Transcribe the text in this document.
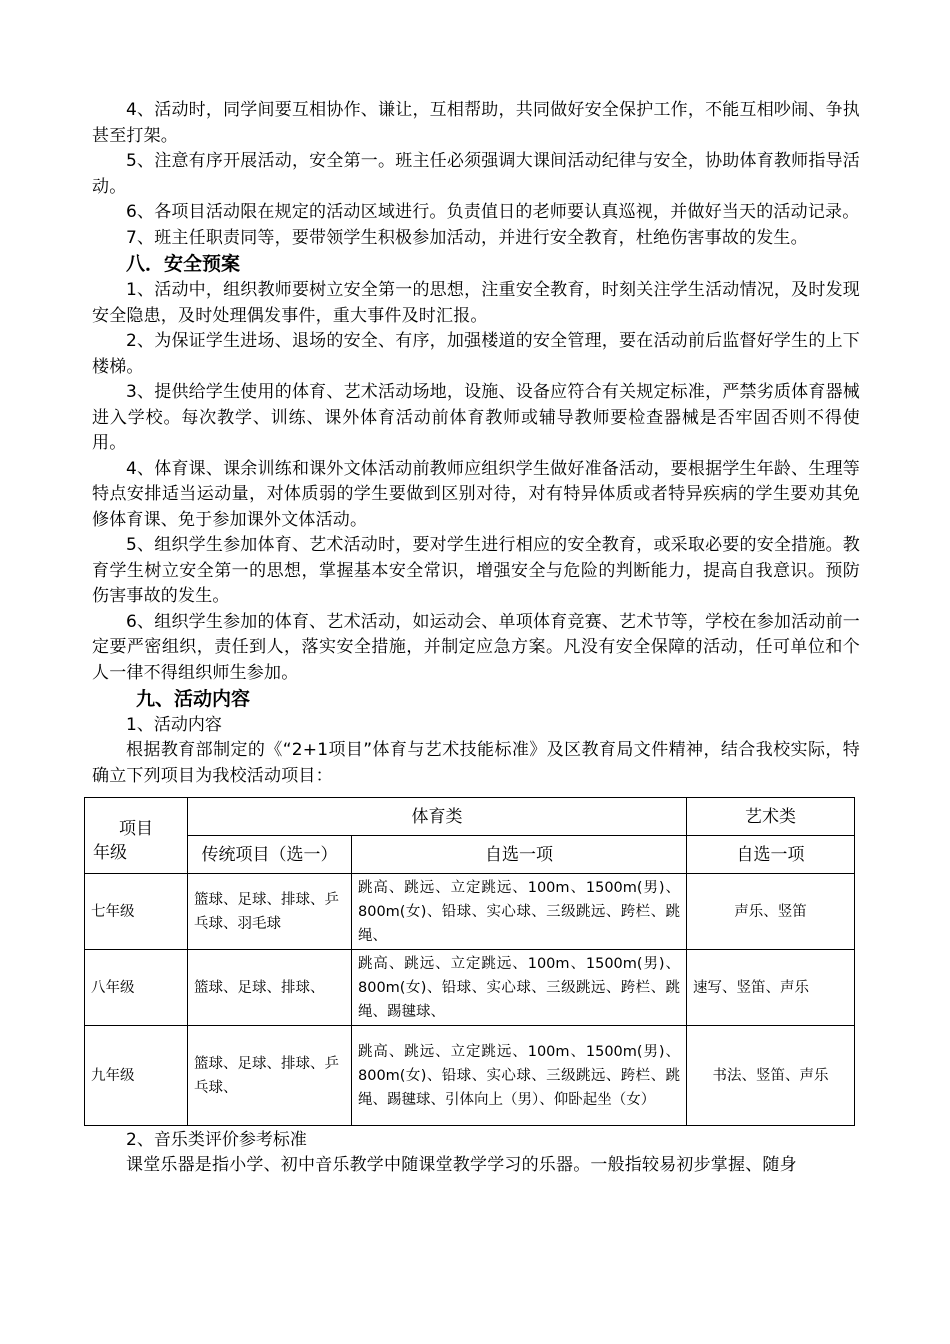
4、活动时，同学间要互相协作、谦让，互相帮助，共同做好安全保护工作，不能互相吵闹、争执甚至打架。

5、注意有序开展活动，安全第一。班主任必须强调大课间活动纪律与安全，协助体育教师指导活动。

6、各项目活动限在规定的活动区域进行。负责值日的老师要认真巡视，并做好当天的活动记录。

7、班主任职责同等，要带领学生积极参加活动，并进行安全教育，杜绝伤害事故的发生。

八．安全预案

1、活动中，组织教师要树立安全第一的思想，注重安全教育，时刻关注学生活动情况，及时发现安全隐患，及时处理偶发事件，重大事件及时汇报。

2、为保证学生进场、退场的安全、有序，加强楼道的安全管理，要在活动前后监督好学生的上下楼梯。

3、提供给学生使用的体育、艺术活动场地，设施、设备应符合有关规定标准，严禁劣质体育器械进入学校。每次教学、训练、课外体育活动前体育教师或辅导教师要检查器械是否牢固否则不得使用。

4、体育课、课余训练和课外文体活动前教师应组织学生做好准备活动，要根据学生年龄、生理等特点安排适当运动量，对体质弱的学生要做到区别对待，对有特异体质或者特异疾病的学生要劝其免修体育课、免于参加课外文体活动。

5、组织学生参加体育、艺术活动时，要对学生进行相应的安全教育，或采取必要的安全措施。教育学生树立安全第一的思想，掌握基本安全常识，增强安全与危险的判断能力，提高自我意识。预防伤害事故的发生。

6、组织学生参加的体育、艺术活动，如运动会、单项体育竞赛、艺术节等，学校在参加活动前一定要严密组织，责任到人，落实安全措施，并制定应急方案。凡没有安全保障的活动，任可单位和个人一律不得组织师生参加。

九、活动内容

1、活动内容

根据教育部制定的《“2+1项目”体育与艺术技能标准》及区教育局文件精神，结合我校实际，特确立下列项目为我校活动项目：

项目
年级	体育类		艺术类
	传统项目（选一）	自选一项	自选一项
七年级	篮球、足球、排球、乒乓球、羽毛球	跳高、跳远、立定跳远、100m、1500m(男)、800m(女)、铅球、实心球、三级跳远、跨栏、跳绳、	声乐、竖笛
八年级	篮球、足球、排球、	跳高、跳远、立定跳远、100m、1500m(男)、800m(女)、铅球、实心球、三级跳远、跨栏、跳绳、踢毽球、	速写、竖笛、声乐
九年级	篮球、足球、排球、乒乓球、	跳高、跳远、立定跳远、100m、1500m(男)、800m(女)、铅球、实心球、三级跳远、跨栏、跳绳、踢毽球、引体向上（男）、仰卧起坐（女）	书法、竖笛、声乐

2、音乐类评价参考标准

课堂乐器是指小学、初中音乐教学中随课堂教学学习的乐器。一般指较易初步掌握、随身
